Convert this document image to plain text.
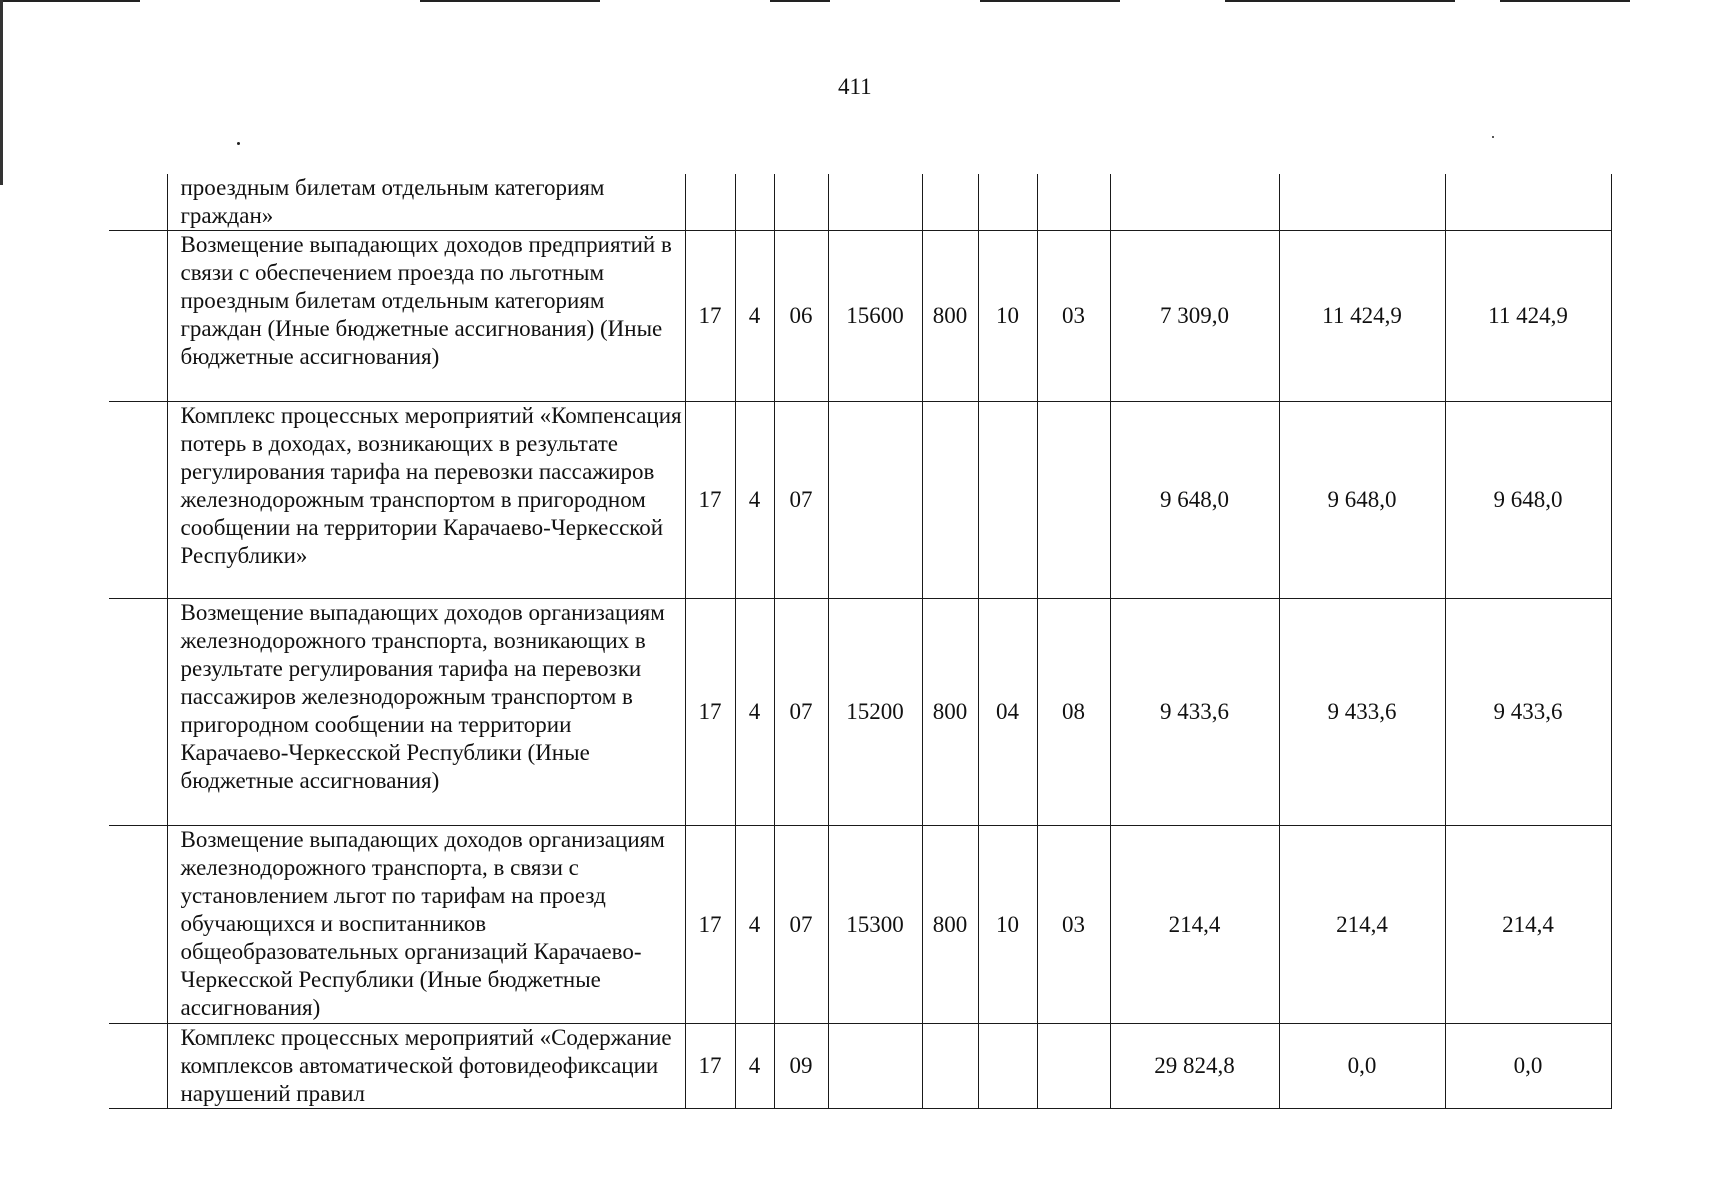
411
	проездным билетам отдельным категориям граждан»										
	Возмещение выпадающих доходов предприятий в связи с обеспечением проезда по льготным проездным билетам отдельным категориям граждан (Иные бюджетные ассигнования) (Иные бюджетные ассигнования)	17	4	06	15600	800	10	03	7 309,0	11 424,9	11 424,9
	Комплекс процессных мероприятий «Компенсация потерь в доходах, возникающих в результате регулирования тарифа на перевозки пассажиров железнодорожным транспортом в пригородном сообщении на территории Карачаево-Черкесской Республики»	17	4	07					9 648,0	9 648,0	9 648,0
	Возмещение выпадающих доходов организациям железнодорожного транспорта, возникающих в результате регулирования тарифа на перевозки пассажиров железнодорожным транспортом в пригородном сообщении на территории Карачаево-Черкесской Республики (Иные бюджетные ассигнования)	17	4	07	15200	800	04	08	9 433,6	9 433,6	9 433,6
	Возмещение выпадающих доходов организациям железнодорожного транспорта, в связи с установлением льгот по тарифам на проезд обучающихся и воспитанников общеобразовательных организаций Карачаево-Черкесской Республики (Иные бюджетные ассигнования)	17	4	07	15300	800	10	03	214,4	214,4	214,4
	Комплекс процессных мероприятий «Содержание комплексов автоматической фотовидеофиксации нарушений правил	17	4	09					29 824,8	0,0	0,0
